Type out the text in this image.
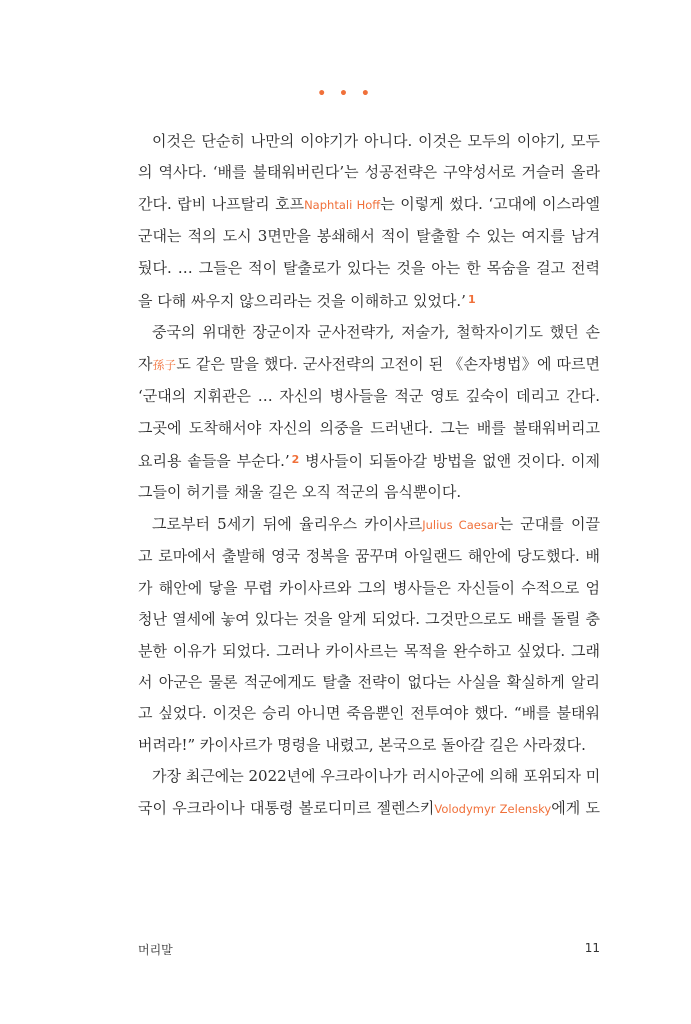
• • •

이것은 단순히 나만의 이야기가 아니다. 이것은 모두의 이야기, 모두
의 역사다. ‘배를 불태워버린다’는 성공전략은 구약성서로 거슬러 올라
간다. 랍비 나프탈리 호프Naphtali Hoff는 이렇게 썼다. ‘고대에 이스라엘
군대는 적의 도시 3면만을 봉쇄해서 적이 탈출할 수 있는 여지를 남겨
뒀다. … 그들은 적이 탈출로가 있다는 것을 아는 한 목숨을 걸고 전력
을 다해 싸우지 않으리라는 것을 이해하고 있었다.’ $^1$

중국의 위대한 장군이자 군사전략가, 저술가, 철학자이기도 했던 손
자孫子도 같은 말을 했다. 군사전략의 고전이 된 《손자병법》에 따르면
‘군대의 지휘관은 … 자신의 병사들을 적군 영토 깊숙이 데리고 간다.
그곳에 도착해서야 자신의 의중을 드러낸다. 그는 배를 불태워버리고
요리용 솥들을 부순다.’ $^2$ 병사들이 되돌아갈 방법을 없앤 것이다. 이제
그들이 허기를 채울 길은 오직 적군의 음식뿐이다.

그로부터 5세기 뒤에 율리우스 카이사르Julius Caesar는 군대를 이끌
고 로마에서 출발해 영국 정복을 꿈꾸며 아일랜드 해안에 당도했다. 배
가 해안에 닿을 무렵 카이사르와 그의 병사들은 자신들이 수적으로 엄
청난 열세에 놓여 있다는 것을 알게 되었다. 그것만으로도 배를 돌릴 충
분한 이유가 되었다. 그러나 카이사르는 목적을 완수하고 싶었다. 그래
서 아군은 물론 적군에게도 탈출 전략이 없다는 사실을 확실하게 알리
고 싶었다. 이것은 승리 아니면 죽음뿐인 전투여야 했다. “배를 불태워
버려라!” 카이사르가 명령을 내렸고, 본국으로 돌아갈 길은 사라졌다.

가장 최근에는 2022년에 우크라이나가 러시아군에 의해 포위되자 미
국이 우크라이나 대통령 볼로디미르 젤렌스키Volodymyr Zelensky에게 도

머리말	11
